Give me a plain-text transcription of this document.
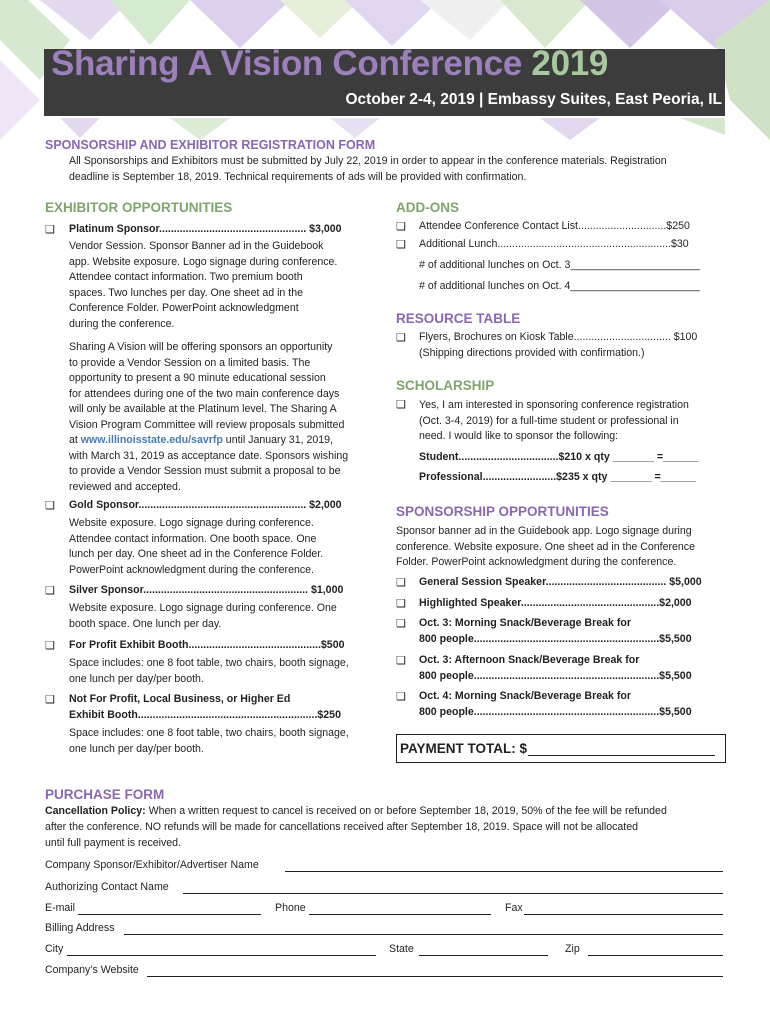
Sharing A Vision Conference 2019
October 2-4, 2019 | Embassy Suites, East Peoria, IL
SPONSORSHIP AND EXHIBITOR REGISTRATION FORM
All Sponsorships and Exhibitors must be submitted by July 22, 2019 in order to appear in the conference materials. Registration
deadline is September 18, 2019. Technical requirements of ads will be provided with confirmation.
EXHIBITOR OPPORTUNITIES
❑ Platinum Sponsor.................................................. $3,000
Vendor Session. Sponsor Banner ad in the Guidebook
app. Website exposure. Logo signage during conference.
Attendee contact information. Two premium booth
spaces. Two lunches per day. One sheet ad in the
Conference Folder. PowerPoint acknowledgment
during the conference.
Sharing A Vision will be offering sponsors an opportunity
to provide a Vendor Session on a limited basis. The
opportunity to present a 90 minute educational session
for attendees during one of the two main conference days
will only be available at the Platinum level. The Sharing A
Vision Program Committee will review proposals submitted
at www.illinoisstate.edu/savrfp until January 31, 2019,
with March 31, 2019 as acceptance date. Sponsors wishing
to provide a Vendor Session must submit a proposal to be
reviewed and accepted.
❑ Gold Sponsor......................................................... $2,000
Website exposure. Logo signage during conference.
Attendee contact information. One booth space. One
lunch per day. One sheet ad in the Conference Folder.
PowerPoint acknowledgment during the conference.
❑ Silver Sponsor........................................................ $1,000
Website exposure. Logo signage during conference. One
booth space. One lunch per day.
❑ For Profit Exhibit Booth.............................................$500
Space includes: one 8 foot table, two chairs, booth signage,
one lunch per day/per booth.
❑ Not For Profit, Local Business, or Higher Ed
Exhibit Booth.............................................................$250
Space includes: one 8 foot table, two chairs, booth signage,
one lunch per day/per booth.
ADD-ONS
❑ Attendee Conference Contact List..............................$250
❑ Additional Lunch...........................................................$30
# of additional lunches on Oct. 3______________________
# of additional lunches on Oct. 4______________________
RESOURCE TABLE
❑ Flyers, Brochures on Kiosk Table................................. $100
(Shipping directions provided with confirmation.)
SCHOLARSHIP
❑ Yes, I am interested in sponsoring conference registration
(Oct. 3-4, 2019) for a full-time student or professional in
need. I would like to sponsor the following:
Student..................................$210 x qty _______ =______
Professional.........................$235 x qty _______ =______
SPONSORSHIP OPPORTUNITIES
Sponsor banner ad in the Guidebook app. Logo signage during
conference. Website exposure. One sheet ad in the Conference
Folder. PowerPoint acknowledgment during the conference.
❑ General Session Speaker......................................... $5,000
❑ Highlighted Speaker...............................................$2,000
❑ Oct. 3: Morning Snack/Beverage Break for
800 people...............................................................$5,500
❑ Oct. 3: Afternoon Snack/Beverage Break for
800 people...............................................................$5,500
❑ Oct. 4: Morning Snack/Beverage Break for
800 people...............................................................$5,500
PAYMENT TOTAL: $
PURCHASE FORM
Cancellation Policy: When a written request to cancel is received on or before September 18, 2019, 50% of the fee will be refunded
after the conference. NO refunds will be made for cancellations received after September 18, 2019. Space will not be allocated
until full payment is received.
Company Sponsor/Exhibitor/Advertiser Name
Authorizing Contact Name
E-mail	Phone	Fax
Billing Address
City	State	Zip
Company’s Website
